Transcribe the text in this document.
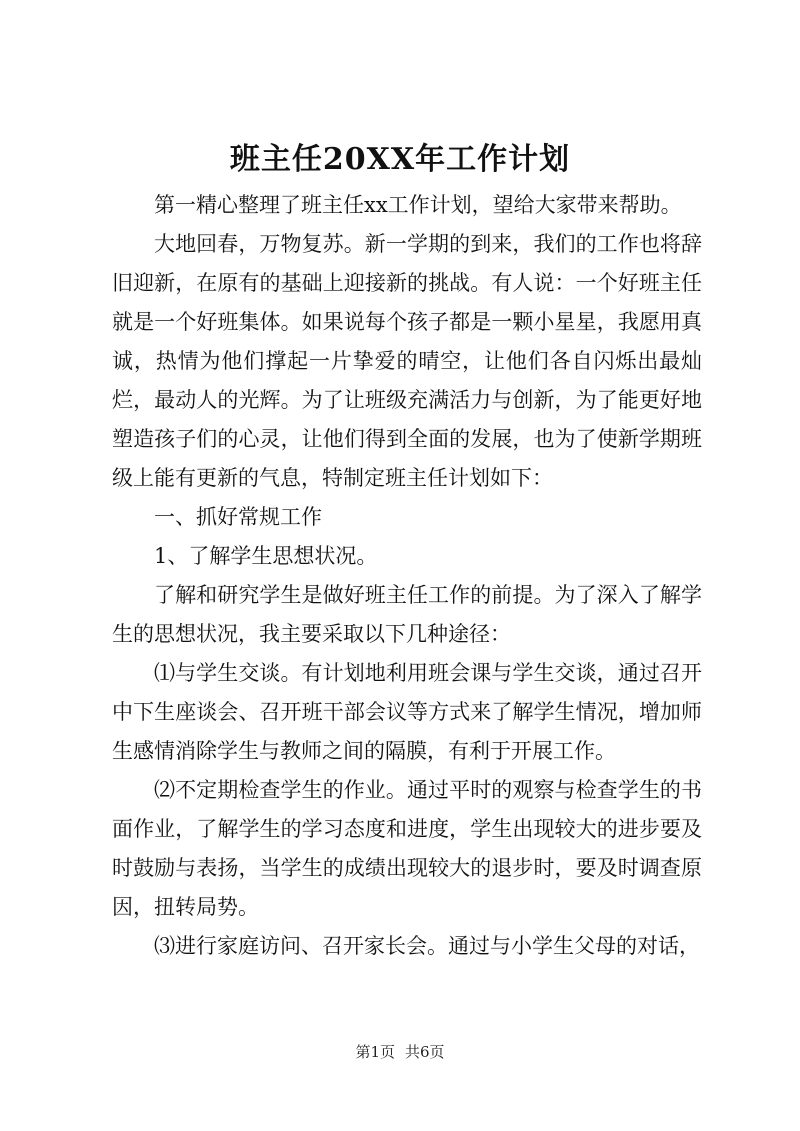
班主任20XX年工作计划

第一精心整理了班主任xx工作计划，望给大家带来帮助。

大地回春，万物复苏。新一学期的到来，我们的工作也将辞旧迎新，在原有的基础上迎接新的挑战。有人说：一个好班主任就是一个好班集体。如果说每个孩子都是一颗小星星，我愿用真诚，热情为他们撑起一片挚爱的晴空，让他们各自闪烁出最灿烂，最动人的光辉。为了让班级充满活力与创新，为了能更好地塑造孩子们的心灵，让他们得到全面的发展，也为了使新学期班级上能有更新的气息，特制定班主任计划如下：

一、抓好常规工作

1、了解学生思想状况。

了解和研究学生是做好班主任工作的前提。为了深入了解学生的思想状况，我主要采取以下几种途径：

⑴与学生交谈。有计划地利用班会课与学生交谈，通过召开中下生座谈会、召开班干部会议等方式来了解学生情况，增加师生感情消除学生与教师之间的隔膜，有利于开展工作。

⑵不定期检查学生的作业。通过平时的观察与检查学生的书面作业，了解学生的学习态度和进度，学生出现较大的进步要及时鼓励与表扬，当学生的成绩出现较大的退步时，要及时调查原因，扭转局势。

⑶进行家庭访问、召开家长会。通过与小学生父母的对话，

第1页 共6页
